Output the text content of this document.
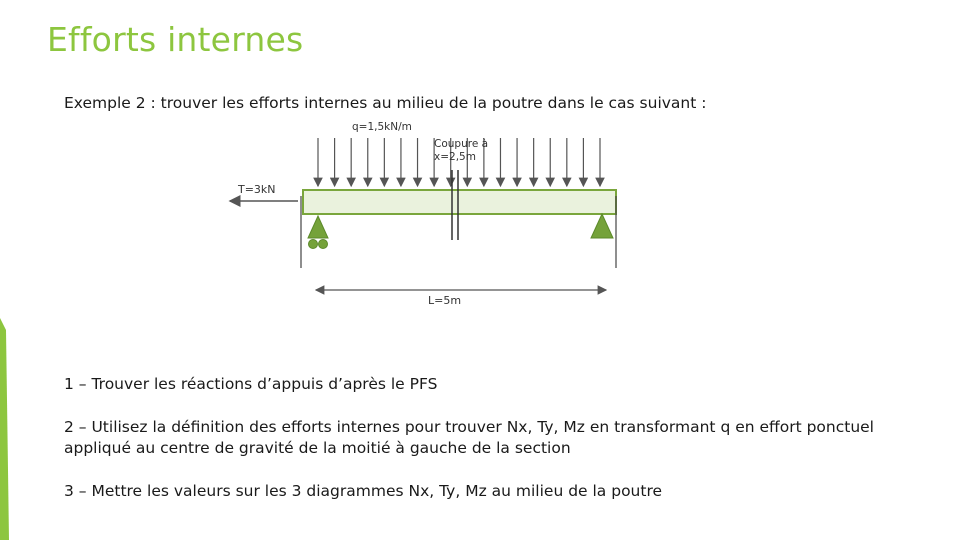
Efforts internes
Exemple 2 : trouver les efforts internes au milieu de la poutre dans le cas suivant :
q=1,5kN/m
Coupure à
x=2,5m
T=3kN
L=5m
1 – Trouver les réactions d’appuis d’après le PFS
2 – Utilisez la définition des efforts internes pour trouver Nx, Ty, Mz en transformant q en effort ponctuel appliqué au centre de gravité de la moitié à gauche de la section
3 – Mettre les valeurs sur les 3 diagrammes Nx, Ty, Mz au milieu de la poutre
